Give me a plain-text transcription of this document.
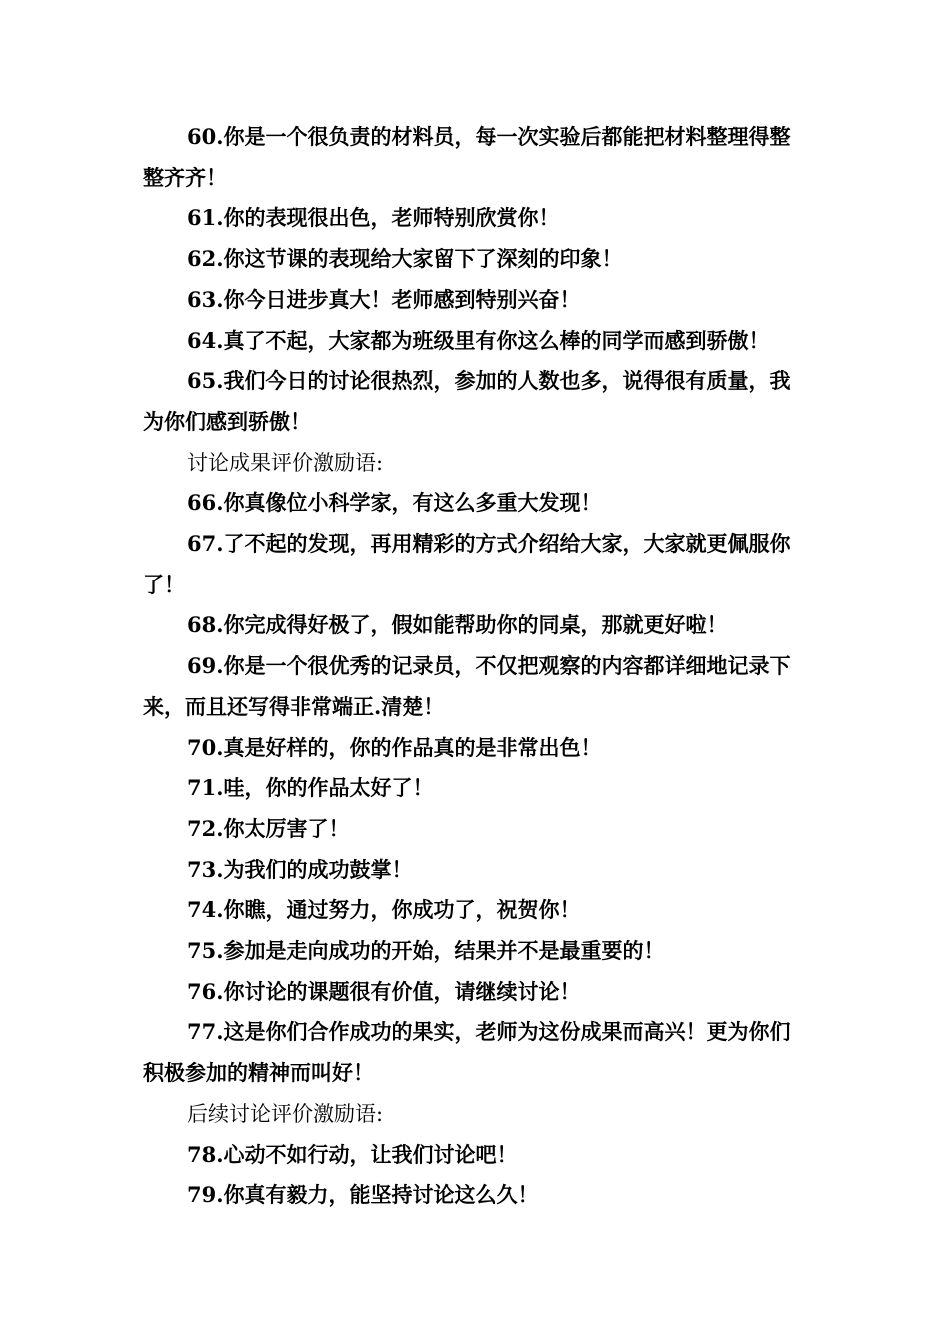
60.你是一个很负责的材料员，每一次实验后都能把材料整理得整整齐齐！

61.你的表现很出色，老师特别欣赏你！

62.你这节课的表现给大家留下了深刻的印象！

63.你今日进步真大！老师感到特别兴奋！

64.真了不起，大家都为班级里有你这么棒的同学而感到骄傲！

65.我们今日的讨论很热烈，参加的人数也多，说得很有质量，我为你们感到骄傲！

讨论成果评价激励语:

66.你真像位小科学家，有这么多重大发现！

67.了不起的发现，再用精彩的方式介绍给大家，大家就更佩服你了！

68.你完成得好极了，假如能帮助你的同桌，那就更好啦！

69.你是一个很优秀的记录员，不仅把观察的内容都详细地记录下来，而且还写得非常端正.清楚！

70.真是好样的，你的作品真的是非常出色！

71.哇，你的作品太好了！

72.你太厉害了！

73.为我们的成功鼓掌！

74.你瞧，通过努力，你成功了，祝贺你！

75.参加是走向成功的开始，结果并不是最重要的！

76.你讨论的课题很有价值，请继续讨论！

77.这是你们合作成功的果实，老师为这份成果而高兴！更为你们积极参加的精神而叫好！

后续讨论评价激励语:

78.心动不如行动，让我们讨论吧！

79.你真有毅力，能坚持讨论这么久！
